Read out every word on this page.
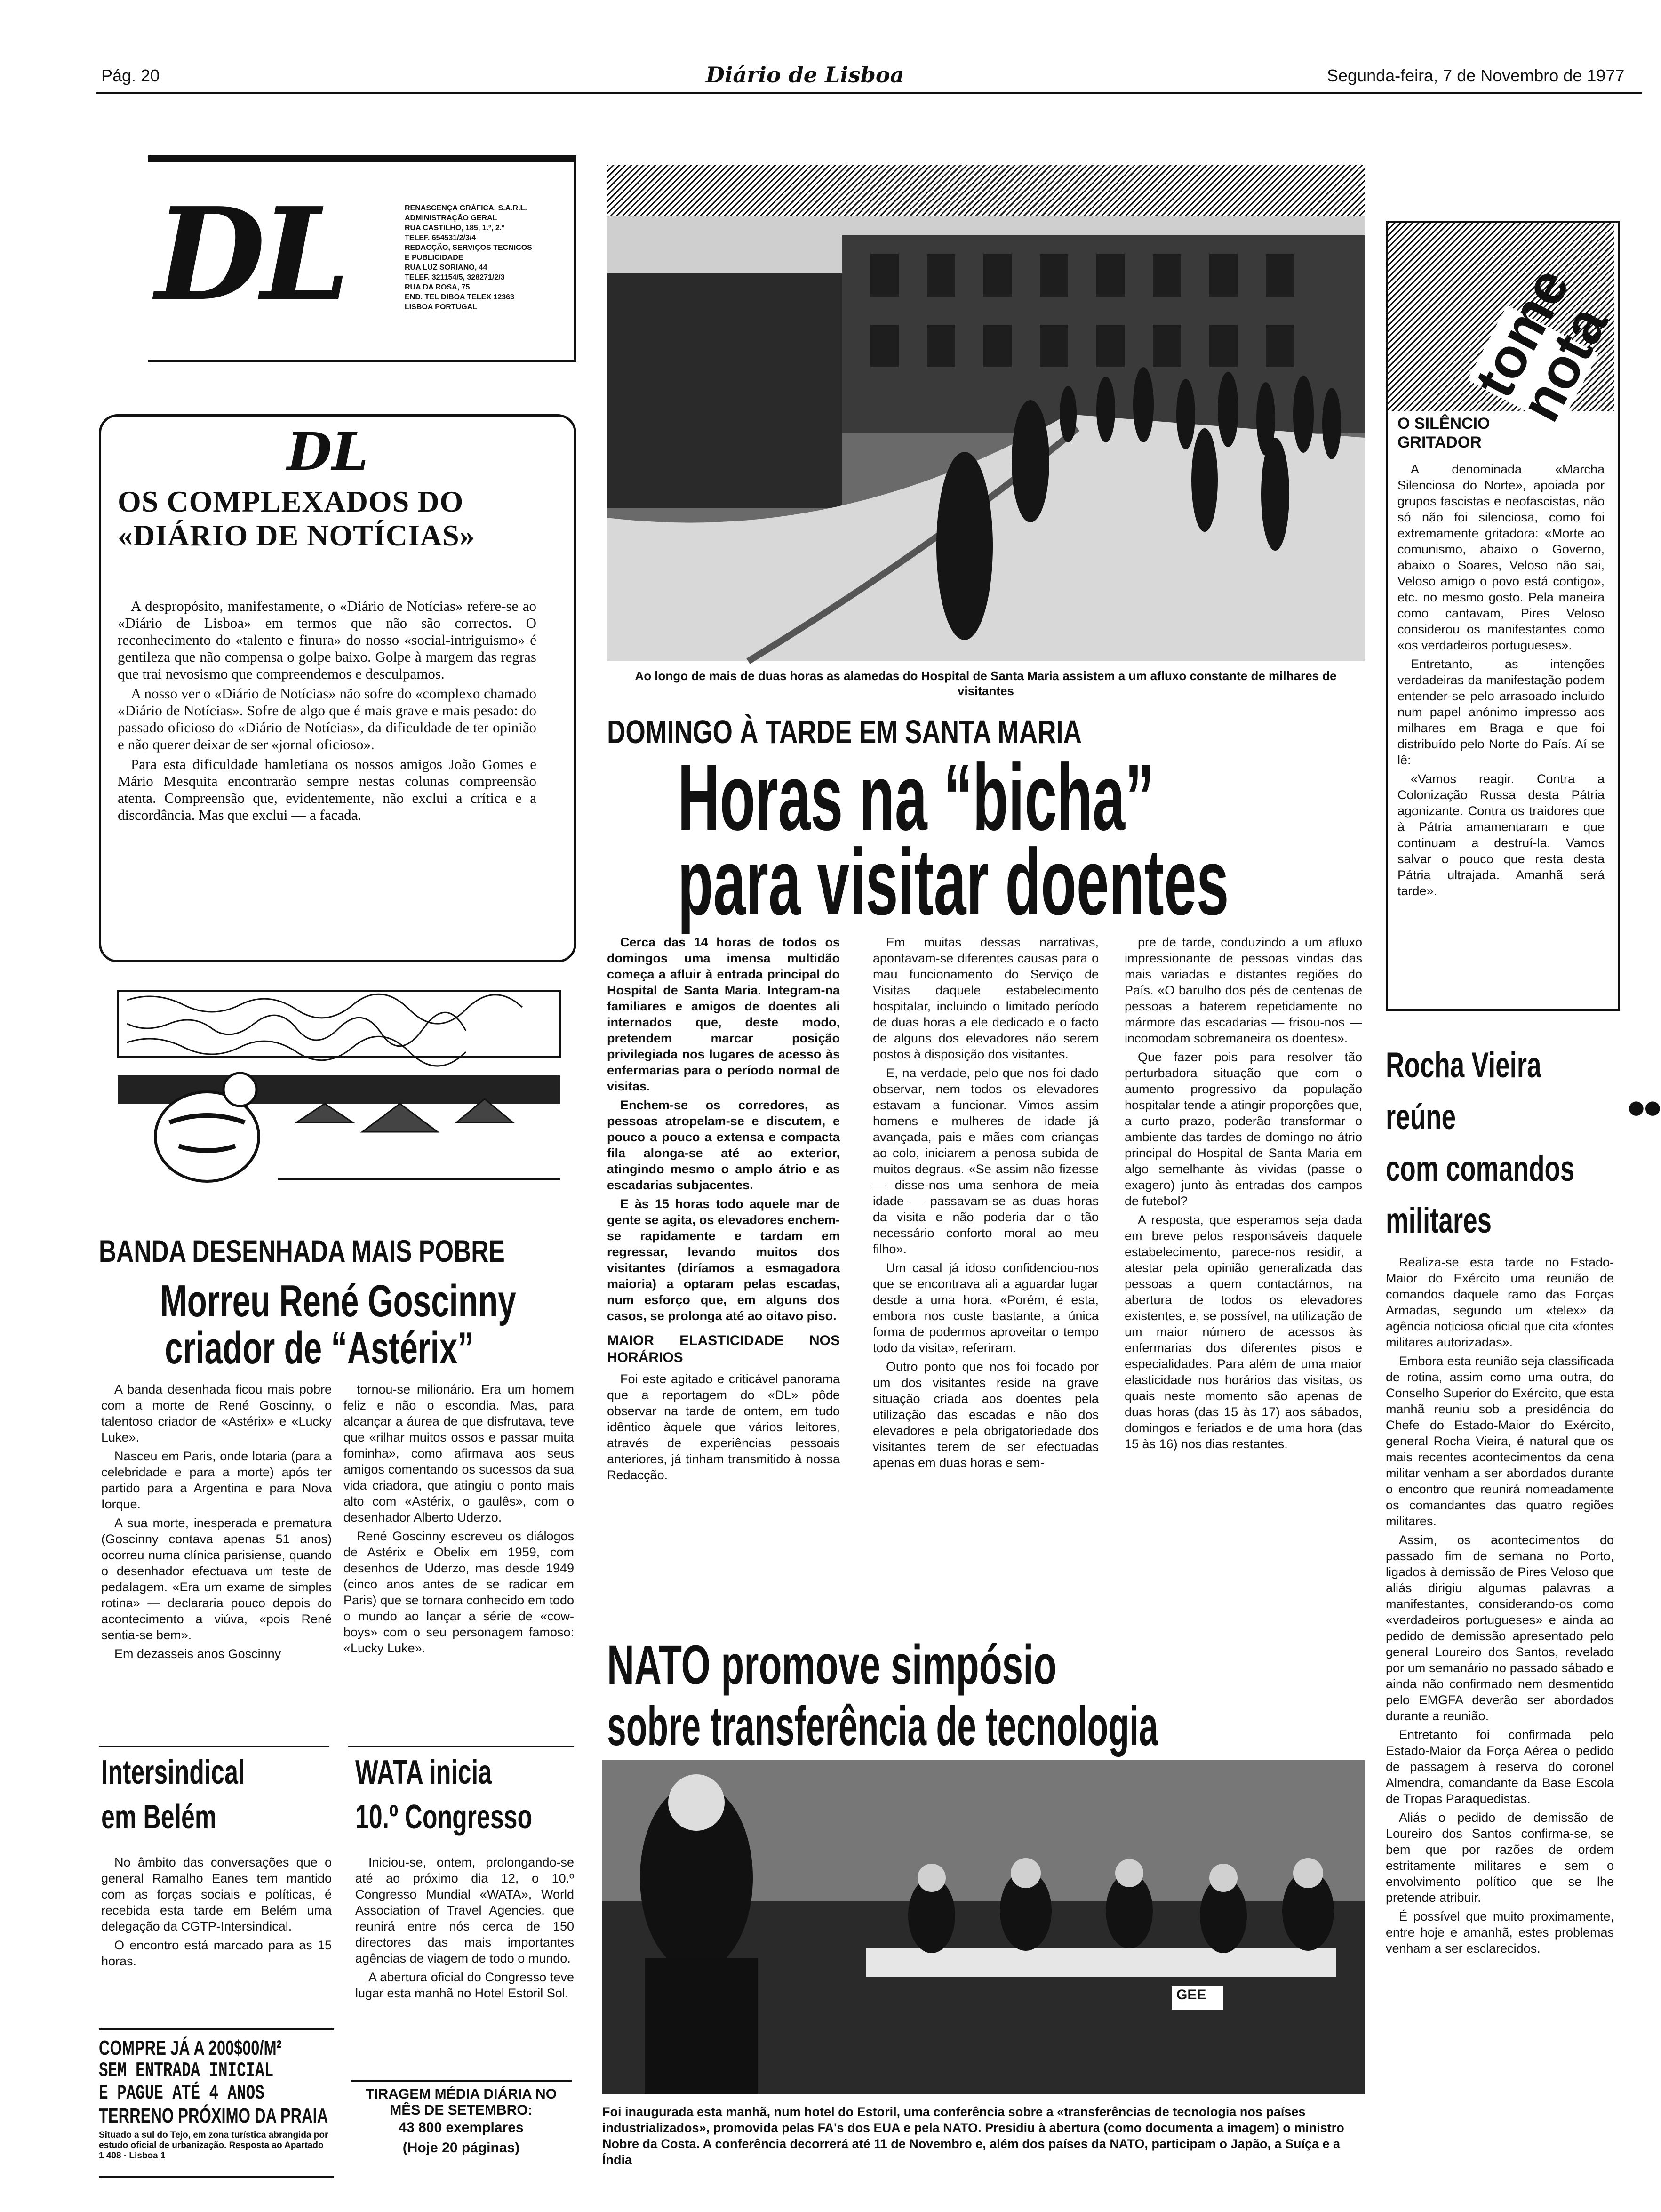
Pág. 20	Diário de Lisboa	Segunda-feira, 7 de Novembro de 1977
DL	RENASCENÇA GRÁFICA, S.A.R.L.
ADMINISTRAÇÃO GERAL
RUA CASTILHO, 185, 1.º, 2.º
TELEF. 654531/2/3/4
REDACÇÃO, SERVIÇOS TECNICOS
E PUBLICIDADE
RUA LUZ SORIANO, 44
TELEF. 321154/5, 328271/2/3
RUA DA ROSA, 75
END. TEL DIBOA TELEX 12363
LISBOA PORTUGAL
DL
OS COMPLEXADOS DO «DIÁRIO DE NOTÍCIAS»

A despropósito, manifestamente, o «Diário de Notícias» refere-se ao «Diário de Lisboa» em termos que não são correctos. O reconhecimento do «talento e finura» do nosso «social-intriguismo» é gentileza que não compensa o golpe baixo. Golpe à margem das regras que trai nevosismo que compreendemos e desculpamos.

A nosso ver o «Diário de Notícias» não sofre do «complexo chamado «Diário de Notícias». Sofre de algo que é mais grave e mais pesado: do passado oficioso do «Diário de Notícias», da dificuldade de ter opinião e não querer deixar de ser «jornal oficioso».

Para esta dificuldade hamletiana os nossos amigos João Gomes e Mário Mesquita encontrarão sempre nestas colunas compreensão atenta. Compreensão que, evidentemente, não exclui a crítica e a discordância. Mas que exclui — a facada.

BANDA DESENHADA MAIS POBRE
Morreu René Goscinny
criador de “Astérix”

A banda desenhada ficou mais pobre com a morte de René Goscinny, o talentoso criador de «Astérix» e «Lucky Luke».

Nasceu em Paris, onde lotaria (para a celebridade e para a morte) após ter partido para a Argentina e para Nova Iorque.

A sua morte, inesperada e prematura (Goscinny contava apenas 51 anos) ocorreu numa clínica parisiense, quando o desenhador efectuava um teste de pedalagem. «Era um exame de simples rotina» — declararia pouco depois do acontecimento a viúva, «pois René sentia-se bem».

Em dezasseis anos Goscinny

tornou-se milionário. Era um homem feliz e não o escondia. Mas, para alcançar a áurea de que disfrutava, teve que «rilhar muitos ossos e passar muita fominha», como afirmava aos seus amigos comentando os sucessos da sua vida criadora, que atingiu o ponto mais alto com «Astérix, o gaulês», com o desenhador Alberto Uderzo.

René Goscinny escreveu os diálogos de Astérix e Obelix em 1959, com desenhos de Uderzo, mas desde 1949 (cinco anos antes de se radicar em Paris) que se tornara conhecido em todo o mundo ao lançar a série de «cow-boys» com o seu personagem famoso: «Lucky Luke».

Intersindical
em Belém

No âmbito das conversações que o general Ramalho Eanes tem mantido com as forças sociais e políticas, é recebida esta tarde em Belém uma delegação da CGTP-Intersindical.

O encontro está marcado para as 15 horas.

WATA inicia
10.º Congresso

Iniciou-se, ontem, prolongando-se até ao próximo dia 12, o 10.º Congresso Mundial «WATA», World Association of Travel Agencies, que reunirá entre nós cerca de 150 directores das mais importantes agências de viagem de todo o mundo.

A abertura oficial do Congresso teve lugar esta manhã no Hotel Estoril Sol.

COMPRE JÁ A 200$00/M²
SEM ENTRADA INICIAL
E PAGUE ATÉ 4 ANOS
TERRENO PRÓXIMO DA PRAIA
Situado a sul do Tejo, em zona turística abrangida por estudo oficial de urbanização. Resposta ao Apartado 1 408 · Lisboa 1
TIRAGEM MÉDIA DIÁRIA NO
MÊS DE SETEMBRO:
43 800 exemplares
(Hoje 20 páginas)
Ao longo de mais de duas horas as alamedas do Hospital de Santa Maria assistem a um afluxo constante de milhares de visitantes
DOMINGO À TARDE EM SANTA MARIA
Horas na “bicha”
para visitar doentes

Cerca das 14 horas de todos os domingos uma imensa multidão começa a afluir à entrada principal do Hospital de Santa Maria. Integram-na familiares e amigos de doentes ali internados que, deste modo, pretendem marcar posição privilegiada nos lugares de acesso às enfermarias para o período normal de visitas.

Enchem-se os corredores, as pessoas atropelam-se e discutem, e pouco a pouco a extensa e compacta fila alonga-se até ao exterior, atingindo mesmo o amplo átrio e as escadarias subjacentes.

E às 15 horas todo aquele mar de gente se agita, os elevadores enchem-se rapidamente e tardam em regressar, levando muitos dos visitantes (diríamos a esmagadora maioria) a optaram pelas escadas, num esforço que, em alguns dos casos, se prolonga até ao oitavo piso.

MAIOR ELASTICIDADE NOS HORÁRIOS

Foi este agitado e criticável panorama que a reportagem do «DL» pôde observar na tarde de ontem, em tudo idêntico àquele que vários leitores, através de experiências pessoais anteriores, já tinham transmitido à nossa Redacção.

Em muitas dessas narrativas, apontavam-se diferentes causas para o mau funcionamento do Serviço de Visitas daquele estabelecimento hospitalar, incluindo o limitado período de duas horas a ele dedicado e o facto de alguns dos elevadores não serem postos à disposição dos visitantes.

E, na verdade, pelo que nos foi dado observar, nem todos os elevadores estavam a funcionar. Vimos assim homens e mulheres de idade já avançada, pais e mães com crianças ao colo, iniciarem a penosa subida de muitos degraus. «Se assim não fizesse — disse-nos uma senhora de meia idade — passavam-se as duas horas da visita e não poderia dar o tão necessário conforto moral ao meu filho».

Um casal já idoso confidenciou-nos que se encontrava ali a aguardar lugar desde a uma hora. «Porém, é esta, embora nos custe bastante, a única forma de podermos aproveitar o tempo todo da visita», referiram.

Outro ponto que nos foi focado por um dos visitantes reside na grave situação criada aos doentes pela utilização das escadas e não dos elevadores e pela obrigatoriedade dos visitantes terem de ser efectuadas apenas em duas horas e sem-

pre de tarde, conduzindo a um afluxo impressionante de pessoas vindas das mais variadas e distantes regiões do País. «O barulho dos pés de centenas de pessoas a baterem repetidamente no mármore das escadarias — frisou-nos — incomodam sobremaneira os doentes».

Que fazer pois para resolver tão perturbadora situação que com o aumento progressivo da população hospitalar tende a atingir proporções que, a curto prazo, poderão transformar o ambiente das tardes de domingo no átrio principal do Hospital de Santa Maria em algo semelhante às vividas (passe o exagero) junto às entradas dos campos de futebol?

A resposta, que esperamos seja dada em breve pelos responsáveis daquele estabelecimento, parece-nos residir, a atestar pela opinião generalizada das pessoas a quem contactámos, na abertura de todos os elevadores existentes, e, se possível, na utilização de um maior número de acessos às enfermarias dos diferentes pisos e especialidades. Para além de uma maior elasticidade nos horários das visitas, os quais neste momento são apenas de duas horas (das 15 às 17) aos sábados, domingos e feriados e de uma hora (das 15 às 16) nos dias restantes.

tome nota
O SILÊNCIO GRITADOR

A denominada «Marcha Silenciosa do Norte», apoiada por grupos fascistas e neofascistas, não só não foi silenciosa, como foi extremamente gritadora: «Morte ao comunismo, abaixo o Governo, abaixo o Soares, Veloso não sai, Veloso amigo o povo está contigo», etc. no mesmo gosto. Pela maneira como cantavam, Pires Veloso considerou os manifestantes como «os verdadeiros portugueses».

Entretanto, as intenções verdadeiras da manifestação podem entender-se pelo arrasoado incluido num papel anónimo impresso aos milhares em Braga e que foi distribuído pelo Norte do País. Aí se lê:

«Vamos reagir. Contra a Colonização Russa desta Pátria agonizante. Contra os traidores que à Pátria amamentaram e que continuam a destruí-la. Vamos salvar o pouco que resta desta Pátria ultrajada. Amanhã será tarde».

Rocha Vieira
reúne
com comandos
militares
●●

Realiza-se esta tarde no Estado-Maior do Exército uma reunião de comandos daquele ramo das Forças Armadas, segundo um «telex» da agência noticiosa oficial que cita «fontes militares autorizadas».

Embora esta reunião seja classificada de rotina, assim como uma outra, do Conselho Superior do Exército, que esta manhã reuniu sob a presidência do Chefe do Estado-Maior do Exército, general Rocha Vieira, é natural que os mais recentes acontecimentos da cena militar venham a ser abordados durante o encontro que reunirá nomeadamente os comandantes das quatro regiões militares.

Assim, os acontecimentos do passado fim de semana no Porto, ligados à demissão de Pires Veloso que aliás dirigiu algumas palavras a manifestantes, considerando-os como «verdadeiros portugueses» e ainda ao pedido de demissão apresentado pelo general Loureiro dos Santos, revelado por um semanário no passado sábado e ainda não confirmado nem desmentido pelo EMGFA deverão ser abordados durante a reunião.

Entretanto foi confirmada pelo Estado-Maior da Força Aérea o pedido de passagem à reserva do coronel Almendra, comandante da Base Escola de Tropas Paraquedistas.

Aliás o pedido de demissão de Loureiro dos Santos confirma-se, se bem que por razões de ordem estritamente militares e sem o envolvimento político que se lhe pretende atribuir.

É possível que muito proximamente, entre hoje e amanhã, estes problemas venham a ser esclarecidos.

NATO promove simpósio
sobre transferência de tecnologia
GEE
Foi inaugurada esta manhã, num hotel do Estoril, uma conferência sobre a «transferências de tecnologia nos países industrializados», promovida pelas FA's dos EUA e pela NATO. Presidiu à abertura (como documenta a imagem) o ministro Nobre da Costa. A conferência decorrerá até 11 de Novembro e, além dos países da NATO, participam o Japão, a Suíça e a Índia
